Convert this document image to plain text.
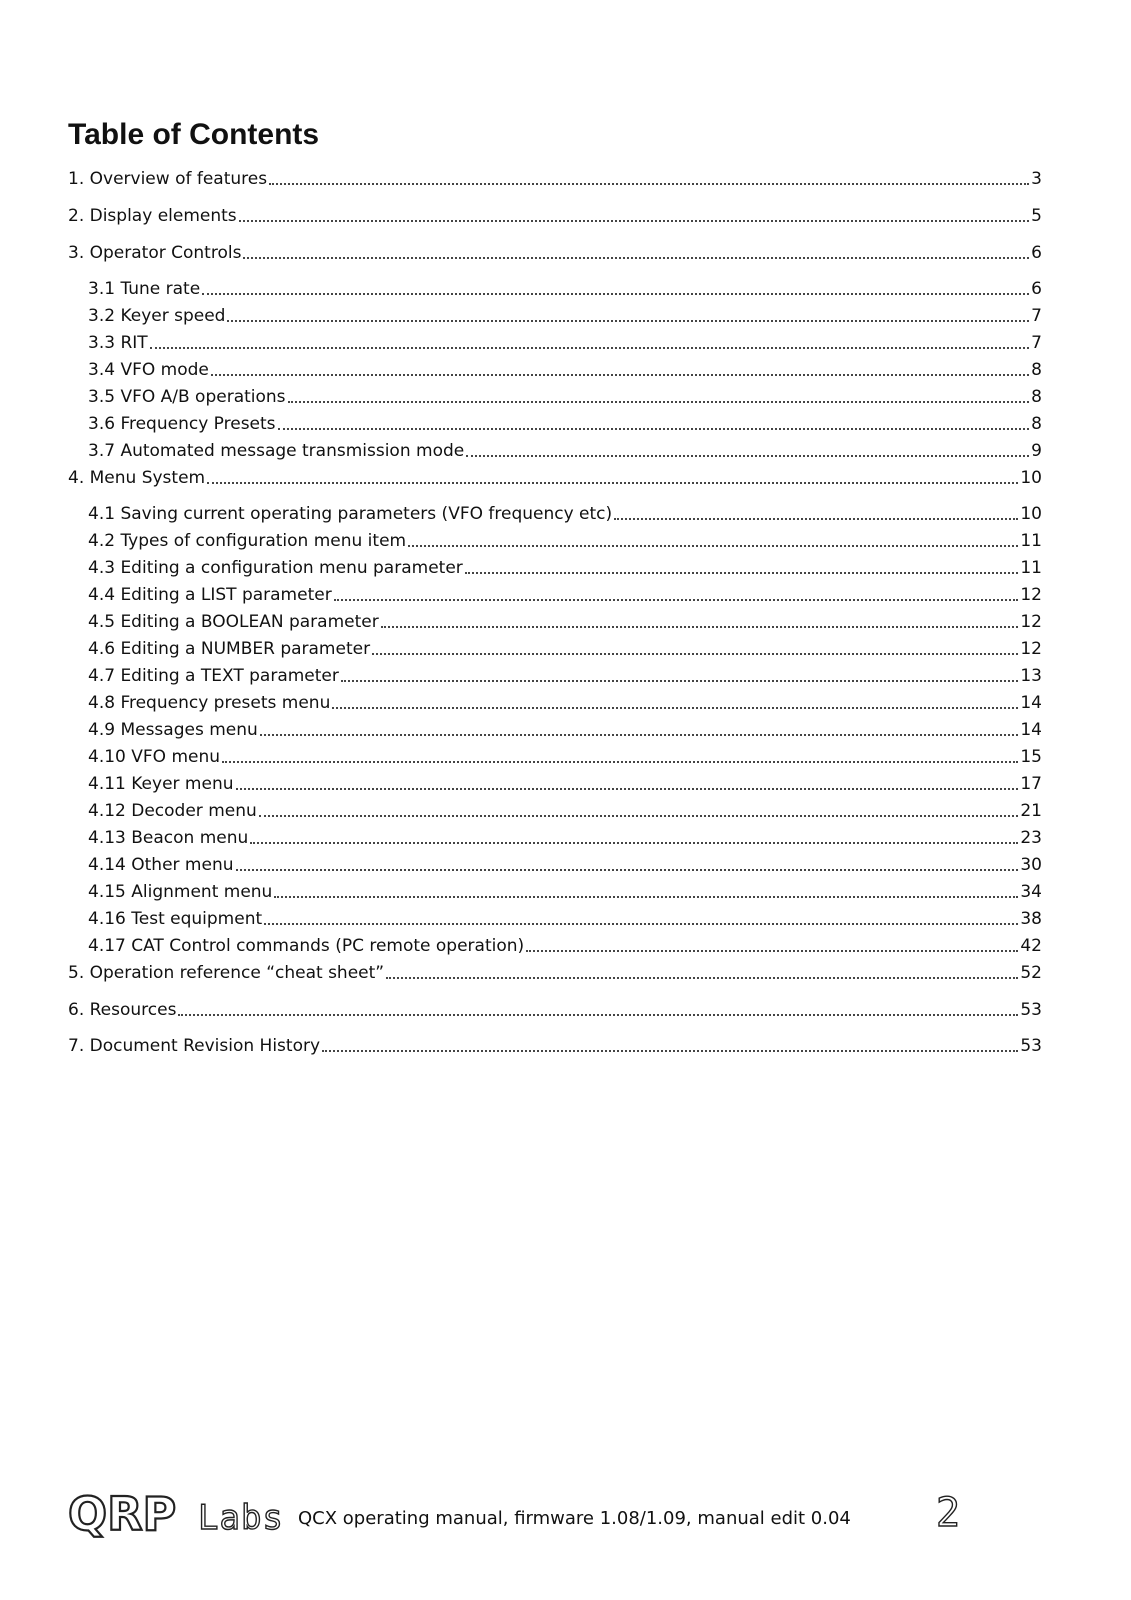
Table of Contents
1. Overview of features	3
2. Display elements	5
3. Operator Controls	6
3.1 Tune rate	6
3.2 Keyer speed	7
3.3 RIT	7
3.4 VFO mode	8
3.5 VFO A/B operations	8
3.6 Frequency Presets	8
3.7 Automated message transmission mode	9
4. Menu System	10
4.1 Saving current operating parameters (VFO frequency etc)	10
4.2 Types of configuration menu item	11
4.3 Editing a configuration menu parameter	11
4.4 Editing a LIST parameter	12
4.5 Editing a BOOLEAN parameter	12
4.6 Editing a NUMBER parameter	12
4.7 Editing a TEXT parameter	13
4.8 Frequency presets menu	14
4.9 Messages menu	14
4.10 VFO menu	15
4.11 Keyer menu	17
4.12 Decoder menu	21
4.13 Beacon menu	23
4.14 Other menu	30
4.15 Alignment menu	34
4.16 Test equipment	38
4.17 CAT Control commands (PC remote operation)	42
5. Operation reference “cheat sheet”	52
6. Resources	53
7. Document Revision History	53
QRP Labs QCX operating manual, firmware 1.08/1.09, manual edit 0.04 2
